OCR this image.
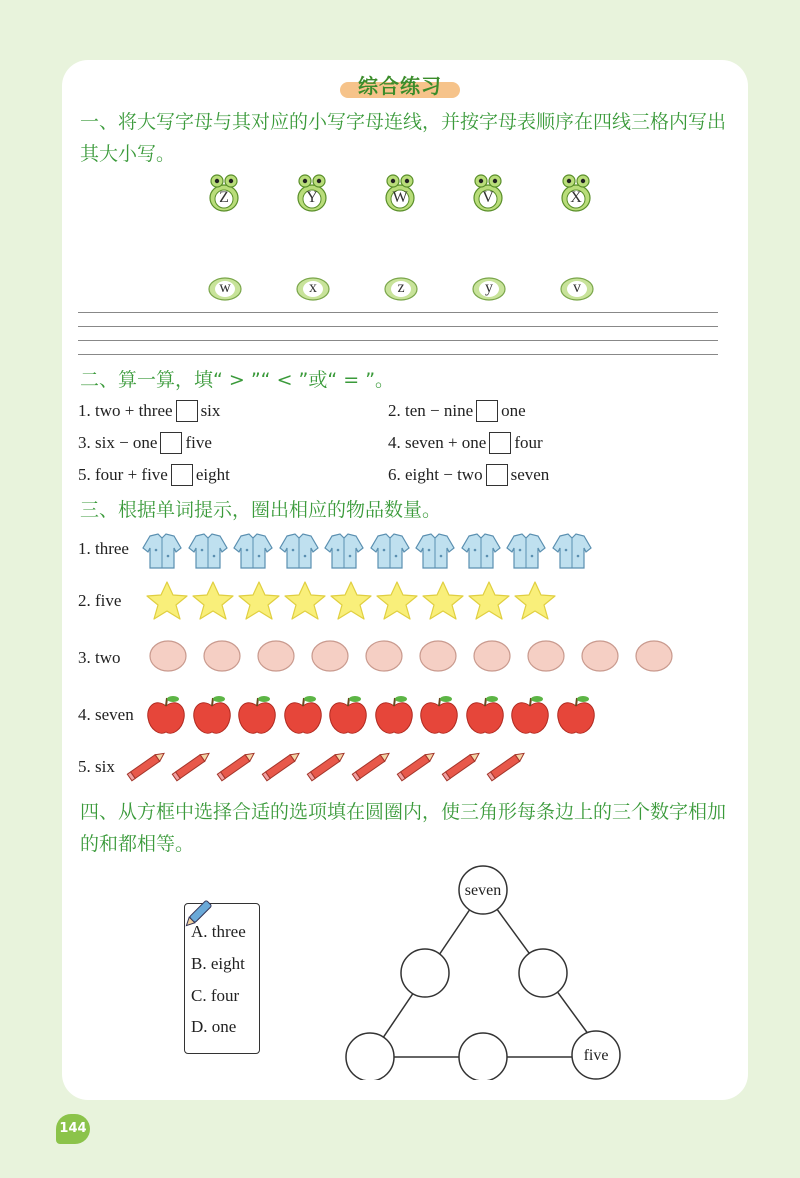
综合练习
一、将大写字母与其对应的小写字母连线，并按字母表顺序在四线三格内写出
其大小写。
Z	Y	W	V	X
w	x	z	y	v
二、算一算，填“ > ”“ < ”或“ = ”。
1. two + three six	2. ten − nine one
3. six − one five	4. seven + one four
5. four + five eight	6. eight − two seven
三、根据单词提示，圈出相应的物品数量。
1. three
2. five
3. two
4. seven
5. six
四、从方框中选择合适的选项填在圆圈内，使三角形每条边上的三个数字相加
的和都相等。
A. three
B. eight
C. four
D. one
seven
five
144
